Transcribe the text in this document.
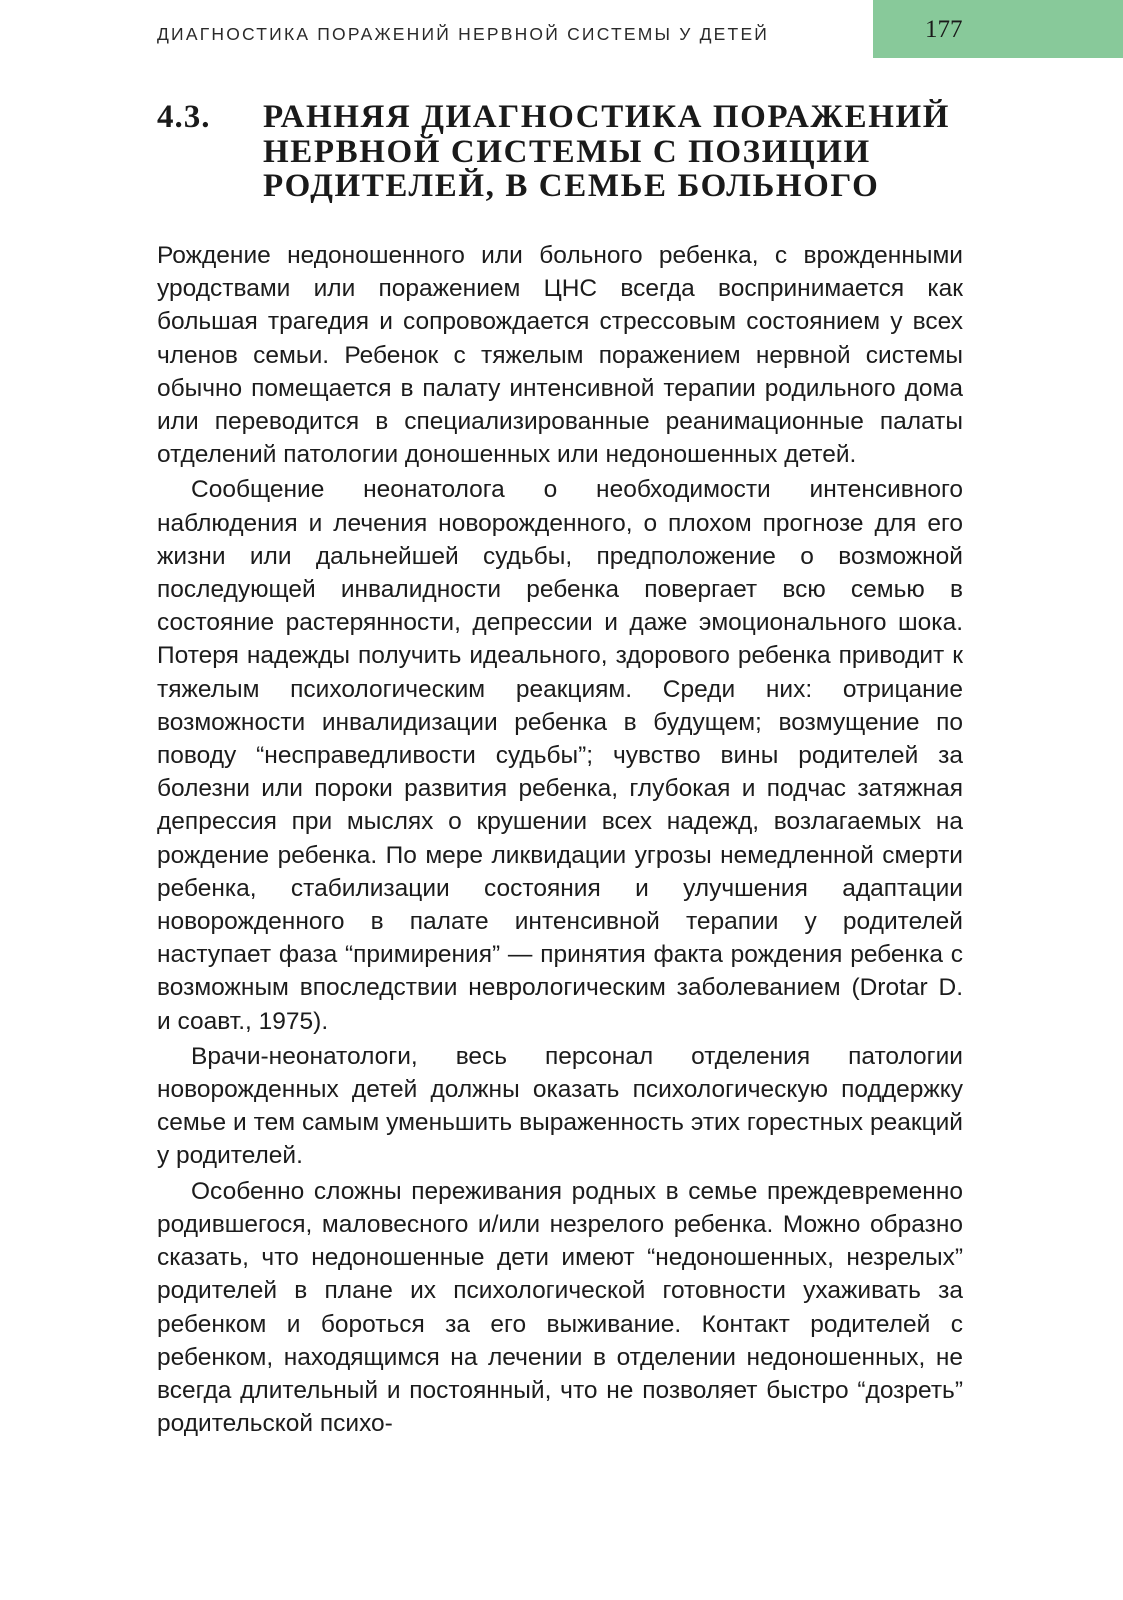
ДИАГНОСТИКА ПОРАЖЕНИЙ НЕРВНОЙ СИСТЕМЫ У ДЕТЕЙ	177
4.3. РАННЯЯ ДИАГНОСТИКА ПОРАЖЕНИЙ НЕРВНОЙ СИСТЕМЫ С ПОЗИЦИИ РОДИТЕЛЕЙ, В СЕМЬЕ БОЛЬНОГО

Рождение недоношенного или больного ребенка, с врожденными уродствами или поражением ЦНС всегда воспринимается как большая трагедия и сопровождается стрессовым состоянием у всех членов семьи. Ребенок с тяжелым поражением нервной системы обычно помещается в палату интенсивной терапии родильного дома или переводится в специализированные реанимационные палаты отделений патологии доношенных или недоношенных детей.

Сообщение неонатолога о необходимости интенсивного наблюдения и лечения новорожденного, о плохом прогнозе для его жизни или дальнейшей судьбы, предположение о возможной последующей инвалидности ребенка повергает всю семью в состояние растерянности, депрессии и даже эмоционального шока. Потеря надежды получить идеального, здорового ребенка приводит к тяжелым психологическим реакциям. Среди них: отрицание возможности инвалидизации ребенка в будущем; возмущение по поводу “несправедливости судьбы”; чувство вины родителей за болезни или пороки развития ребенка, глубокая и подчас затяжная депрессия при мыслях о крушении всех надежд, возлагаемых на рождение ребенка. По мере ликвидации угрозы немедленной смерти ребенка, стабилизации состояния и улучшения адаптации новорожденного в палате интенсивной терапии у родителей наступает фаза “примирения” — принятия факта рождения ребенка с возможным впоследствии неврологическим заболеванием (Drotar D. и соавт., 1975).

Врачи-неонатологи, весь персонал отделения патологии новорожденных детей должны оказать психологическую поддержку семье и тем самым уменьшить выраженность этих горестных реакций у родителей.

Особенно сложны переживания родных в семье преждевременно родившегося, маловесного и/или незрелого ребенка. Можно образно сказать, что недоношенные дети имеют “недоношенных, незрелых” родителей в плане их психологической готовности ухаживать за ребенком и бороться за его выживание. Контакт родителей с ребенком, находящимся на лечении в отделении недоношенных, не всегда длительный и постоянный, что не позволяет быстро “дозреть” родительской психо-
